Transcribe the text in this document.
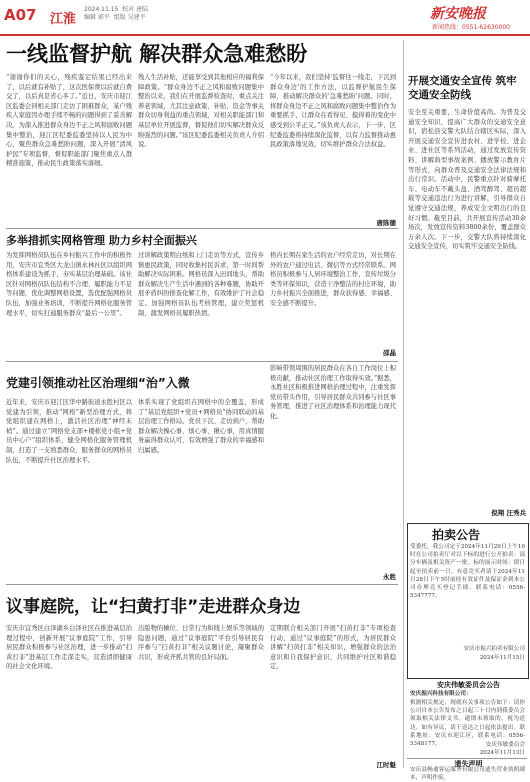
A07 江淮
2024.11.15 校对 唐陆
编辑 郭平 组版 吴建平	新安晚报
新闻热线：0551-62630000
一线监督护航 解决群众急难愁盼
“谢谢你们的关心，残疾鉴定结果已经出来了，以后就有补贴了，这次医保费以后就自费交了，以后真是省心多了。”近日，安庆市迎江区监委会同相关部门走访了困难群众，某户残疾人家庭因办理手续不畅的问题得到了妥善解决。为深入推进群众身边不正之风和腐败问题集中整治，迎江区纪委监委坚持以人民为中心，聚焦群众急难愁盼问题，深入开展“清风护民”专项监督，督促职能部门聚焦重点人群精准施策，推动民生政策落实落细。
残人生活补贴，还能享受到其他相应的福利保障政策。“群众身边不正之风和腐败问题集中整治以来，我们在开展监督检查时，重点关注养老领域，尤其注意政策、补贴、资金等事关群众切身利益的重点领域，对相关职能部门和基层单位开展监督，督促他们切实解决群众反映强烈的问题。”该区纪委监委相关负责人介绍说。
“今年以来，我们坚持‘监督往一线走，下沉到群众身边’的工作方法，以监督护航民生保障，推动解决群众的‘急难愁盼’问题。同时，将群众身边不正之风和腐败问题集中整治作为重要抓手，让群众在看得见、摸得着的变化中感受到公平正义。”该负责人表示，下一步，区纪委监委将持续深化监督，以有力监督推动惠民政策落地见效，切实维护群众合法权益。
唐陈德
多举措抓实网格管理 助力乡村全面振兴
为发挥网格员队伍在乡村振兴工作中的积极作用，安庆市宜秀区大龙山镇永林社区以组织网格体系建设为抓手，夯实基层治理基础。该社区针对网格员队伍结构不合理、履职能力不足等问题，优化调整网格设置，选优配强网格员队伍，加强业务培训，不断提升网格化服务管理水平，切实打通服务群众“最后一公里”。
过讲解政策明白纸和上门走访等方式，宣传乡镇惠民政策，同时收集村民诉求，第一时间帮助解决实际困难。网格员深入田间地头，帮助群众解决生产生活中遇到的各种难题，协助开展矛盾纠纷排查化解工作，有效维护了社会稳定。加强网格员队伍考核管理，建立奖惩机制，激发网格员履职热情。
格内长期在家生活的农户经常走访，对长期在外的农户通过电话、微信等方式经常联系。网格员积极参与人居环境整治工作，宣传垃圾分类等环保知识，营造干净整洁的村庄环境，助力乡村振兴全面推进，群众获得感、幸福感、安全感不断提升。
邵晶
党建引领推动社区治理细“治”入微
近年来，安庆市迎江区华中路街道永胜村区以党建为引领，推动“网格”新型治理方式，将党组织建在网格上，激活社区治理“神经末梢”。通过建立“网格党支部+楼栋党小组+党员中心户”组织体系，健全网格化服务管理机制，打造了一支熟悉群众、服务群众的网格员队伍，不断提升社区治理水平。
体系实现了党组织在网格中的全覆盖，形成了“基层党组织+党员+网格员”协同联动的基层治理工作格局。党员下沉、走访到户，帮助群众解决操心事、烦心事、揪心事，用真情服务赢得群众认可，有效增强了群众的幸福感和归属感。
影响带领周围的居民群众在各自工作岗位上积极贡献，推动社区治理工作取得实效。”据悉，永胜社区积极推进网格治理过程中，注重发挥党员带头作用，引导居民群众共同参与社区事务管理，推进了社区治理体系和治理能力现代化。
永胜
议事庭院，让“扫黄打非”走进群众身边
安庆市宜秀区白泽湖乡白泽社区在推进基层治理过程中，创新开展“议事庭院”工作，引导居民群众积极参与社区治理，进一步推动“扫黄打非”进基层工作走深走实，营造清朗健康的社会文化环境。
出版物的摊位、日常行为和线上娱乐等领域的隐患问题，通过“议事庭院”平台引导居民有序参与“扫黄打非”相关议题讨论，凝聚群众共识，形成齐抓共管的良好局面。
定期联合相关部门开展“扫黄打非”专项检查行动，通过“议事庭院”的形式，为居民群众讲解“扫黄打非”相关知识，增强群众的法治意识和自我保护意识，共同维护社区和谐稳定。
江时魁
开展交通安全宣传 筑牢交通安全防线
安全至关重要，生命价值高尚。为普及交通安全知识，提高广大群众的交通安全意识，宿松县交警大队结合辖区实际，深入开展交通安全宣传进农村、进学校、进企业、进社区等系列活动，通过发放宣传资料、讲解典型事故案例、播放警示教育片等形式，向群众普及交通安全法律法规和出行常识。活动中，民警重点针对骑摩托车、电动车不戴头盔、酒驾醉驾、超员超载等交通违法行为进行讲解，引导群众自觉遵守交通法规，养成安全文明出行的良好习惯。截至目前，共开展宣传活动30余场次，发放宣传资料3800余份，覆盖群众万余人次。下一步，交警大队将持续深化交通安全宣传，切实筑牢交通安全防线。
倪翔 汪秀兵
拍卖公告
受委托，我公司定于2024年11月29日上午10时在公司拍卖厅对以下标的进行公开拍卖：部分车辆及相关资产一批。标的展示时间：即日起至拍卖前一日。有意竞买者请于2024年11月28日下午5时前持有效证件及保证金到本公司办理竞买登记手续。联系电话：0556-5347777。
安庆市振兴拍卖有限公司
2024年11月15日
安庆伟敏委员会公告
安庆振兴科技有限公司：
根据相关规定，现就有关事项公告如下：请你公司自本公告发布之日起三十日内到我委员会领取相关法律文书。逾期未领取的，视为送达。如有异议，请于送达之日起依法提出。联系地址：安庆市迎江区，联系电话：0556-5348177。	安庆伟敏委员会
2024年11月13日
遗失声明
安庆县畅通客运服务有限公司遗失营业执照副本，声明作废。
